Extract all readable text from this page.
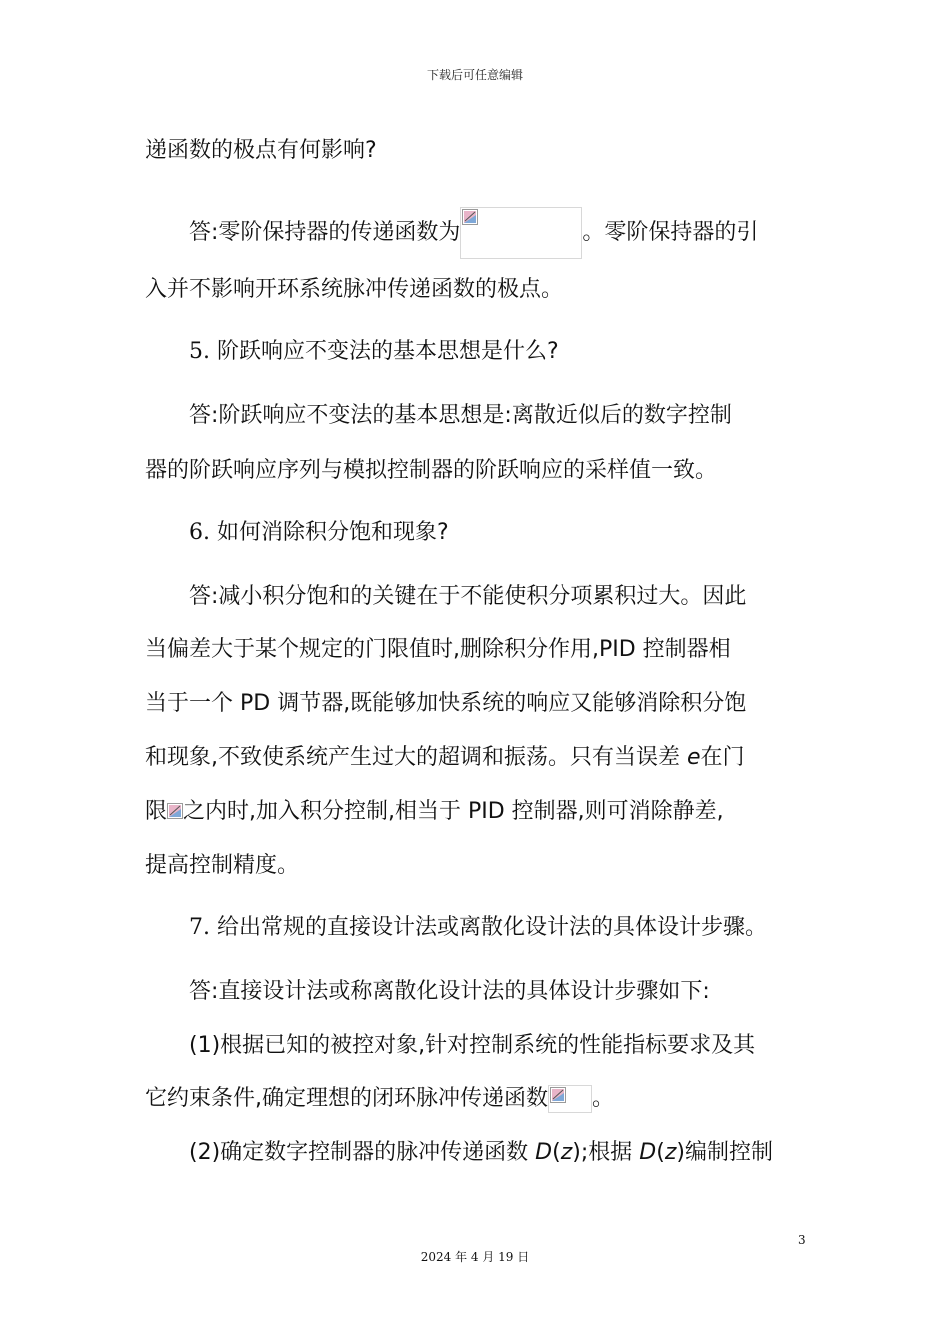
下载后可任意编辑
递函数的极点有何影响?
答:零阶保持器的传递函数为	。零阶保持器的引
入并不影响开环系统脉冲传递函数的极点。
5. 阶跃响应不变法的基本思想是什么?
答:阶跃响应不变法的基本思想是:离散近似后的数字控制
器的阶跃响应序列与模拟控制器的阶跃响应的采样值一致。
6. 如何消除积分饱和现象?
答:减小积分饱和的关键在于不能使积分项累积过大。因此
当偏差大于某个规定的门限值时,删除积分作用,PID 控制器相
当于一个 PD 调节器,既能够加快系统的响应又能够消除积分饱
和现象,不致使系统产生过大的超调和振荡。只有当误差 e在门
限 之内时,加入积分控制,相当于 PID 控制器,则可消除静差,
提高控制精度。
7. 给出常规的直接设计法或离散化设计法的具体设计步骤。
答:直接设计法或称离散化设计法的具体设计步骤如下:
(1)根据已知的被控对象,针对控制系统的性能指标要求及其
它约束条件,确定理想的闭环脉冲传递函数 。
(2)确定数字控制器的脉冲传递函数 D(z);根据 D(z)编制控制
3
2024 年 4 月 19 日
